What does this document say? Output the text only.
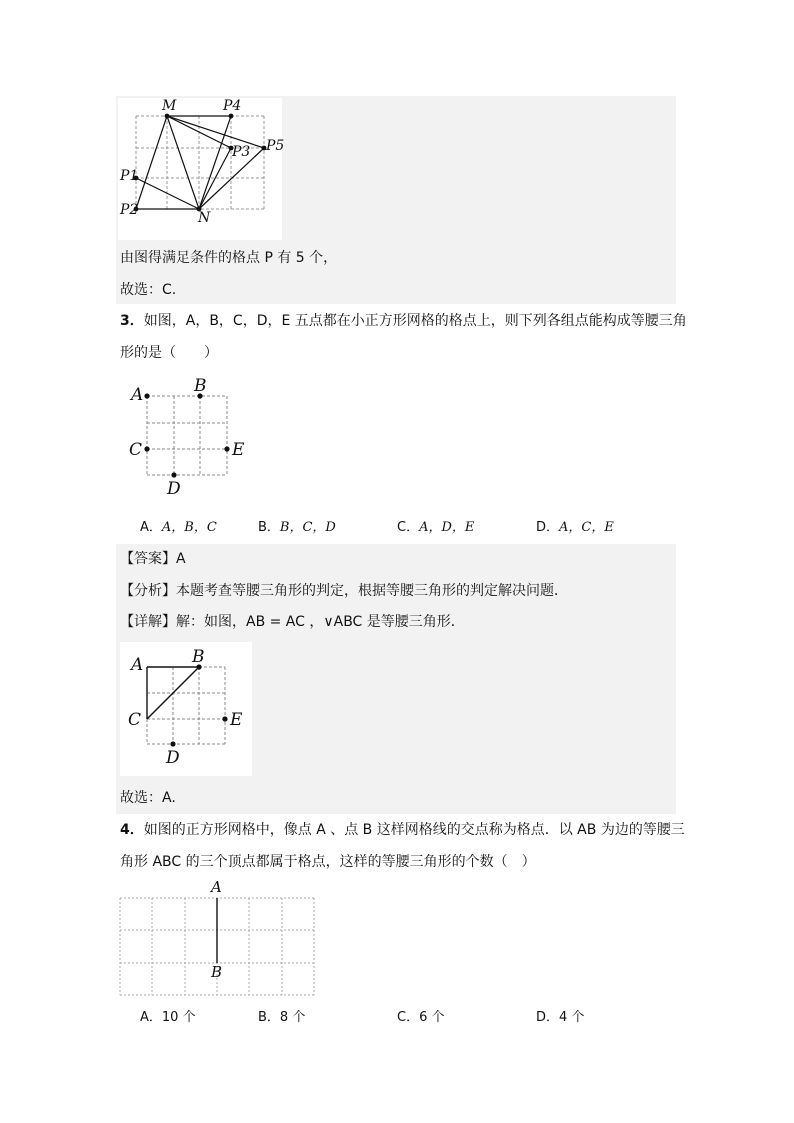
M	P4
P3 P5
P1
P2	N
由图得满足条件的格点 P 有 5 个，
故选：C.
3．如图，A，B，C，D，E 五点都在小正方形网格的格点上，则下列各组点能构成等腰三角
形的是（　　）
A	B
C	E
D
A．A，B，C	B．B，C，D	C．A，D，E	D．A，C，E
【答案】A
【分析】本题考查等腰三角形的判定，根据等腰三角形的判定解决问题．
【详解】解：如图，AB = AC ，∨ABC 是等腰三角形．
A	B
C	E
D
故选：A.
4．如图的正方形网格中，像点 A 、点 B 这样网格线的交点称为格点．以 AB 为边的等腰三
角形 ABC 的三个顶点都属于格点，这样的等腰三角形的个数（　）
A
B
A．10 个	B．8 个	C．6 个	D．4 个
